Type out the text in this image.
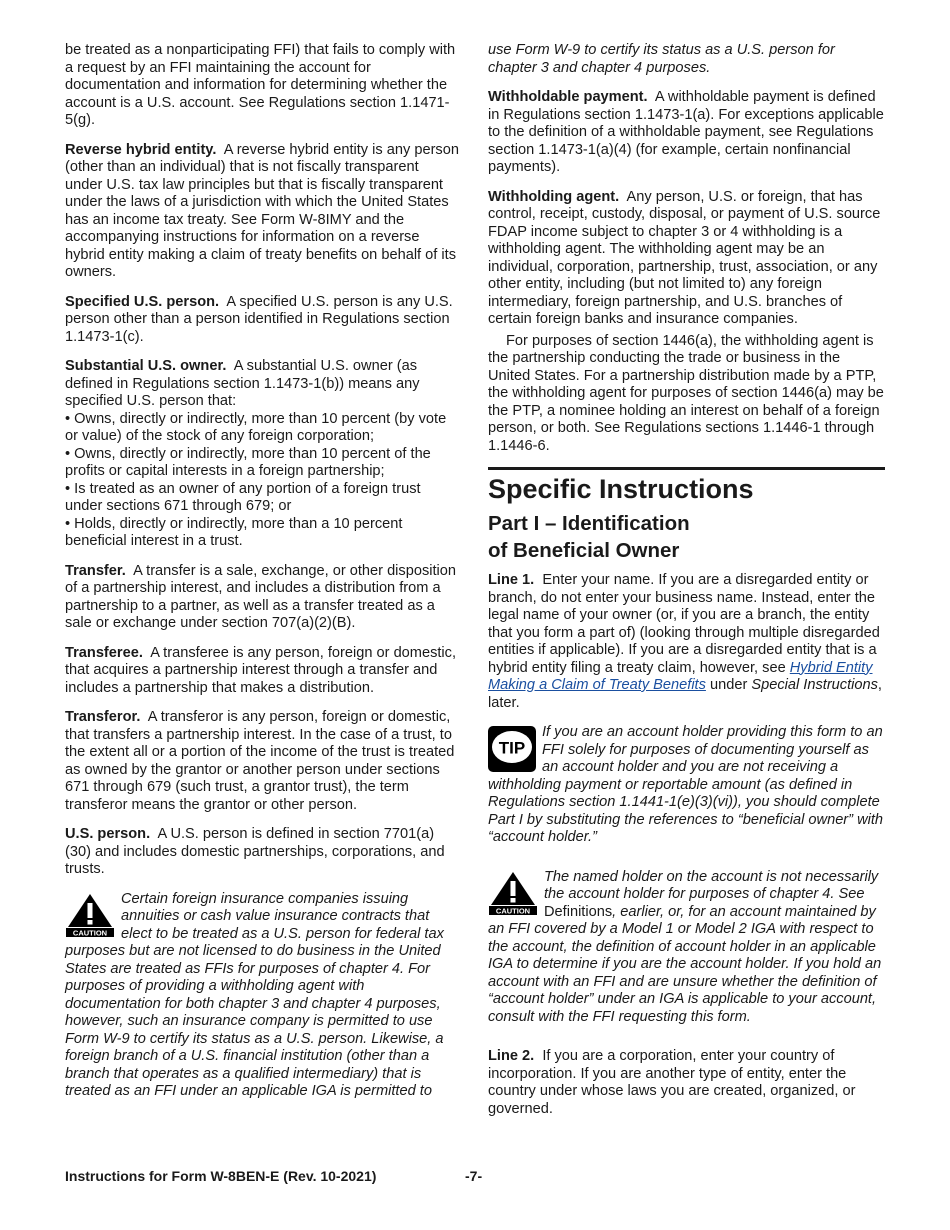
be treated as a nonparticipating FFI) that fails to comply with a request by an FFI maintaining the account for documentation and information for determining whether the account is a U.S. account. See Regulations section 1.1471-5(g).

Reverse hybrid entity. A reverse hybrid entity is any person (other than an individual) that is not fiscally transparent under U.S. tax law principles but that is fiscally transparent under the laws of a jurisdiction with which the United States has an income tax treaty. See Form W-8IMY and the accompanying instructions for information on a reverse hybrid entity making a claim of treaty benefits on behalf of its owners.

Specified U.S. person. A specified U.S. person is any U.S. person other than a person identified in Regulations section 1.1473-1(c).

Substantial U.S. owner. A substantial U.S. owner (as defined in Regulations section 1.1473-1(b)) means any specified U.S. person that:

• Owns, directly or indirectly, more than 10 percent (by vote or value) of the stock of any foreign corporation;

• Owns, directly or indirectly, more than 10 percent of the profits or capital interests in a foreign partnership;

• Is treated as an owner of any portion of a foreign trust under sections 671 through 679; or

• Holds, directly or indirectly, more than a 10 percent beneficial interest in a trust.

Transfer. A transfer is a sale, exchange, or other disposition of a partnership interest, and includes a distribution from a partnership to a partner, as well as a transfer treated as a sale or exchange under section 707(a)(2)(B).

Transferee. A transferee is any person, foreign or domestic, that acquires a partnership interest through a transfer and includes a partnership that makes a distribution.

Transferor. A transferor is any person, foreign or domestic, that transfers a partnership interest. In the case of a trust, to the extent all or a portion of the income of the trust is treated as owned by the grantor or another person under sections 671 through 679 (such trust, a grantor trust), the term transferor means the grantor or other person.

U.S. person. A U.S. person is defined in section 7701(a)(30) and includes domestic partnerships, corporations, and trusts.

CAUTION
Certain foreign insurance companies issuing annuities or cash value insurance contracts that elect to be treated as a U.S. person for federal tax purposes but are not licensed to do business in the United States are treated as FFIs for purposes of chapter 4. For purposes of providing a withholding agent with documentation for both chapter 3 and chapter 4 purposes, however, such an insurance company is permitted to use Form W-9 to certify its status as a U.S. person. Likewise, a foreign branch of a U.S. financial institution (other than a branch that operates as a qualified intermediary) that is treated as an FFI under an applicable IGA is permitted to

use Form W-9 to certify its status as a U.S. person for chapter 3 and chapter 4 purposes.

Withholdable payment. A withholdable payment is defined in Regulations section 1.1473-1(a). For exceptions applicable to the definition of a withholdable payment, see Regulations section 1.1473-1(a)(4) (for example, certain nonfinancial payments).

Withholding agent. Any person, U.S. or foreign, that has control, receipt, custody, disposal, or payment of U.S. source FDAP income subject to chapter 3 or 4 withholding is a withholding agent. The withholding agent may be an individual, corporation, partnership, trust, association, or any other entity, including (but not limited to) any foreign intermediary, foreign partnership, and U.S. branches of certain foreign banks and insurance companies.

For purposes of section 1446(a), the withholding agent is the partnership conducting the trade or business in the United States. For a partnership distribution made by a PTP, the withholding agent for purposes of section 1446(a) may be the PTP, a nominee holding an interest on behalf of a foreign person, or both. See Regulations sections 1.1446-1 through 1.1446-6.

Specific Instructions
Part I – Identification
of Beneficial Owner

Line 1. Enter your name. If you are a disregarded entity or branch, do not enter your business name. Instead, enter the legal name of your owner (or, if you are a branch, the entity that you form a part of) (looking through multiple disregarded entities if applicable). If you are a disregarded entity that is a hybrid entity filing a treaty claim, however, see Hybrid Entity Making a Claim of Treaty Benefits under Special Instructions, later.

TIP
If you are an account holder providing this form to an FFI solely for purposes of documenting yourself as an account holder and you are not receiving a withholding payment or reportable amount (as defined in Regulations section 1.1441-1(e)(3)(vi)), you should complete Part I by substituting the references to “beneficial owner” with “account holder.”
CAUTION
The named holder on the account is not necessarily the account holder for purposes of chapter 4. See Definitions, earlier, or, for an account maintained by an FFI covered by a Model 1 or Model 2 IGA with respect to the account, the definition of account holder in an applicable IGA to determine if you are the account holder. If you hold an account with an FFI and are unsure whether the definition of “account holder” under an IGA is applicable to your account, consult with the FFI requesting this form.

Line 2. If you are a corporation, enter your country of incorporation. If you are another type of entity, enter the country under whose laws you are created, organized, or governed.

Instructions for Form W-8BEN-E (Rev. 10-2021)	-7-
